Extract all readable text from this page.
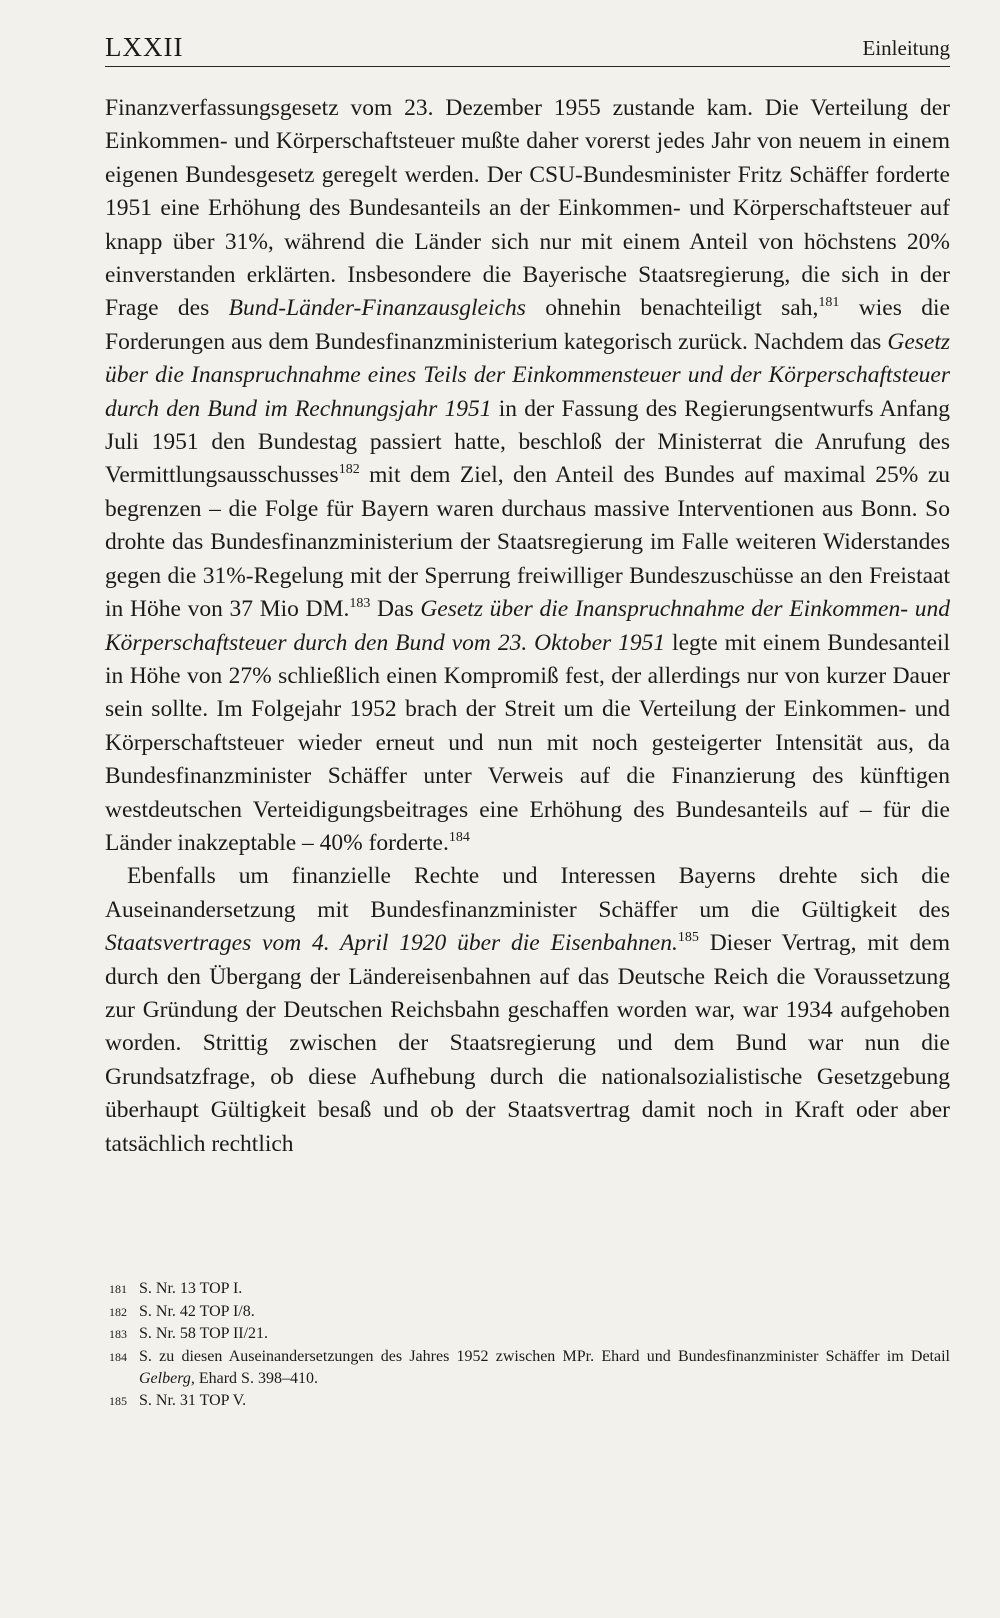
LXXII	Einleitung

Finanzverfassungsgesetz vom 23. Dezember 1955 zustande kam. Die Verteilung der Einkommen- und Körperschaftsteuer mußte daher vorerst jedes Jahr von neuem in einem eigenen Bundesgesetz geregelt werden. Der CSU-Bundesminister Fritz Schäffer forderte 1951 eine Erhöhung des Bundesanteils an der Einkommen- und Körperschaftsteuer auf knapp über 31%, während die Länder sich nur mit einem Anteil von höchstens 20% einverstanden erklärten. Insbesondere die Bayerische Staatsregierung, die sich in der Frage des Bund-Länder-Finanzausgleichs ohnehin benachteiligt sah,$^{181}$ wies die Forderungen aus dem Bundesfinanzministerium kategorisch zurück. Nachdem das Gesetz über die Inanspruchnahme eines Teils der Einkommensteuer und der Körperschaftsteuer durch den Bund im Rechnungsjahr 1951 in der Fassung des Regierungsentwurfs Anfang Juli 1951 den Bundestag passiert hatte, beschloß der Ministerrat die Anrufung des Vermittlungsausschusses$^{182}$ mit dem Ziel, den Anteil des Bundes auf maximal 25% zu begrenzen – die Folge für Bayern waren durchaus massive Interventionen aus Bonn. So drohte das Bundesfinanzministerium der Staatsregierung im Falle weiteren Widerstandes gegen die 31%-Regelung mit der Sperrung freiwilliger Bundeszuschüsse an den Freistaat in Höhe von 37 Mio DM.$^{183}$ Das Gesetz über die Inanspruchnahme der Einkommen- und Körperschaftsteuer durch den Bund vom 23. Oktober 1951 legte mit einem Bundesanteil in Höhe von 27% schließlich einen Kompromiß fest, der allerdings nur von kurzer Dauer sein sollte. Im Folgejahr 1952 brach der Streit um die Verteilung der Einkommen- und Körperschaftsteuer wieder erneut und nun mit noch gesteigerter Intensität aus, da Bundesfinanzminister Schäffer unter Verweis auf die Finanzierung des künftigen westdeutschen Verteidigungsbeitrages eine Erhöhung des Bundesanteils auf – für die Länder inakzeptable – 40% forderte.$^{184}$

Ebenfalls um finanzielle Rechte und Interessen Bayerns drehte sich die Auseinandersetzung mit Bundesfinanzminister Schäffer um die Gültigkeit des Staatsvertrages vom 4. April 1920 über die Eisenbahnen.$^{185}$ Dieser Vertrag, mit dem durch den Übergang der Ländereisenbahnen auf das Deutsche Reich die Voraussetzung zur Gründung der Deutschen Reichsbahn geschaffen worden war, war 1934 aufgehoben worden. Strittig zwischen der Staatsregierung und dem Bund war nun die Grundsatzfrage, ob diese Aufhebung durch die nationalsozialistische Gesetzgebung überhaupt Gültigkeit besaß und ob der Staatsvertrag damit noch in Kraft oder aber tatsächlich rechtlich

181 S. Nr. 13 TOP I.
182 S. Nr. 42 TOP I/8.
183 S. Nr. 58 TOP II/21.
184 S. zu diesen Auseinandersetzungen des Jahres 1952 zwischen MPr. Ehard und Bundesfinanzminister Schäffer im Detail Gelberg, Ehard S. 398–410.
185 S. Nr. 31 TOP V.
